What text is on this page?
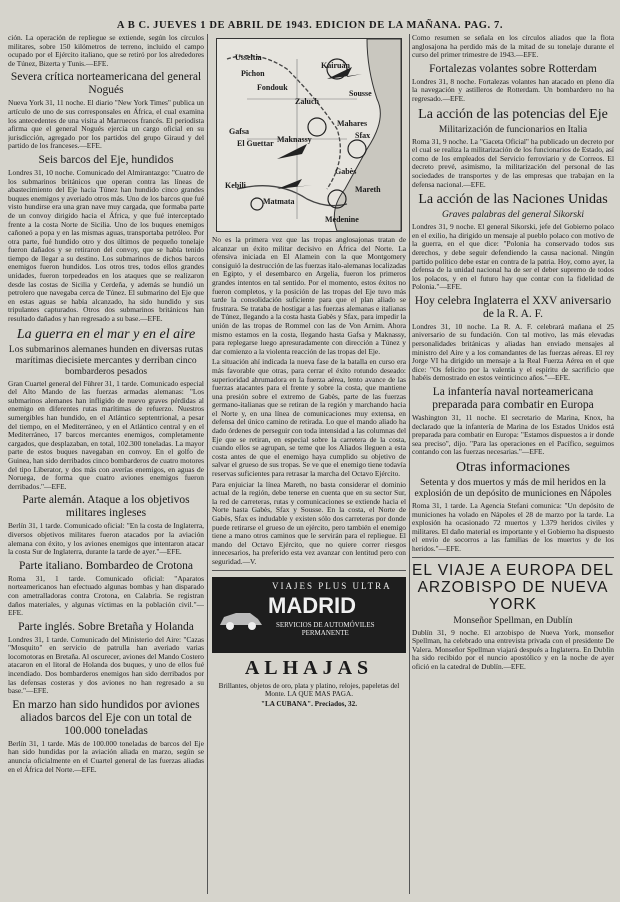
A B C. JUEVES 1 DE ABRIL DE 1943. EDICION DE LA MAÑANA. PAG. 7.

ción. La operación de repliegue se extiende, según los círculos militares, sobre 150 kilómetros de terreno, incluido el campo ocupado por el Ejército italiano, que se retiró por los alrededores de Túnez, Bizerta y Tunis.—EFE.

Severa crítica norteamericana del general Nogués

Nueva York 31, 11 noche. El diario "New York Times" publica un artículo de uno de sus corresponsales en África, el cual examina los antecedentes de una visita al Marruecos francés. El periodista afirma que el general Nogués ejercía un cargo oficial en su jurisdicción, agregado por los partidos del grupo Giraud y del partido de los franceses.—EFE.

Seis barcos del Eje, hundidos

Londres 31, 10 noche. Comunicado del Almirantazgo: "Cuatro de los submarinos británicos que operan contra las líneas de abastecimiento del Eje hacia Túnez han hundido cinco grandes buques enemigos y averiado otros más. Uno de los barcos que fué visto hundirse era una gran nave muy cargada, que formaba parte de un convoy dirigido hacia el África, y que fué interceptado frente a la costa Norte de Sicilia. Uno de los buques enemigos cañoneó a popa y en las mismas aguas, transportaba petróleo. Por otra parte, fué hundido otro y dos últimos de pequeño tonelaje fueron dañados y se retiraron del convoy, que se había tenido tiempo de llegar a su destino. Los submarinos de dichos barcos enemigos fueron hundidos. Los otros tres, todos ellos grandes unidades, fueron torpedeados en los ataques que se realizaron desde las costas de Sicilia y Cerdeña, y además se hundió un petrolero que navegaba cerca de Túnez. El submarino del Eje que en estas aguas se había alcanzado, ha sido hundido y sus tripulantes capturados. Otros dos submarinos británicos han resultado dañados y han regresado a su base.—EFE.

La guerra en el mar y en el aire
Los submarinos alemanes hunden en diversas rutas marítimas diecisiete mercantes y derriban cinco bombarderos pesados

Gran Cuartel general del Führer 31, 1 tarde. Comunicado especial del Alto Mando de las fuerzas armadas alemanas: "Los submarinos alemanes han infligido de nuevo graves pérdidas al enemigo en diferentes rutas marítimas de refuerzo. Nuestros sumergibles han hundido, en el Atlántico septentrional, a pesar del tiempo, en el Mediterráneo, y en el Atlántico central y en el Mediterráneo, 17 barcos mercantes enemigos, completamente cargados, que desplazaban, en total, 102.300 toneladas. La mayor parte de estos buques navegaban en convoy. En el golfo de Guinea, han sido derribados cinco bombarderos de cuatro motores del tipo Liberator, y dos más con averías enemigos, en aguas de Noruega, de forma que cuatro aviones enemigos fueron derribados."—EFE.

Parte alemán. Ataque a los objetivos militares ingleses

Berlín 31, 1 tarde. Comunicado oficial: "En la costa de Inglaterra, diversos objetivos militares fueron atacados por la aviación alemana con éxito, y los aviones enemigos que intentaron atacar la costa Sur de Inglaterra, durante la tarde de ayer."—EFE.

Parte italiano. Bombardeo de Crotona

Roma 31, 1 tarde. Comunicado oficial: "Aparatos norteamericanos han efectuado algunas bombas y han disparado con ametralladoras contra Crotona, en Calabria. Se registran daños materiales, y algunas víctimas en la población civil."—EFE.

Parte inglés. Sobre Bretaña y Holanda

Londres 31, 1 tarde. Comunicado del Ministerio del Aire: "Cazas "Mosquito" en servicio de patrulla han averiado varias locomotoras en Bretaña. Al oscurecer, aviones del Mando Costero atacaron en el litoral de Holanda dos buques, y uno de ellos fué incendiado. Dos bombarderos enemigos han sido derribados por las defensas costeras y dos aviones no han regresado a su base."—EFE.

En marzo han sido hundidos por aviones aliados barcos del Eje con un total de 100.000 toneladas

Berlín 31, 1 tarde. Más de 100.000 toneladas de barcos del Eje han sido hundidas por la aviación aliada en marzo, según se anuncia oficialmente en el Cuartel general de las fuerzas aliadas en el África del Norte.—EFE.

Usseltia
Pichon
Kairuán
Fondouk
Zaluch
Sousse
Mahares
Gafsa
El Guettar
Sfax
Maknassy
Gabès
Kebili
Matmata
Medenine
Mareth

No es la primera vez que las tropas anglosajonas tratan de alcanzar un éxito militar decisivo en África del Norte. La ofensiva iniciada en El Alamein con la que Montgomery consiguió la destrucción de las fuerzas italo-alemanas localizadas en Egipto, y el desembarco en Argelia, fueron los primeros grandes intentos en tal sentido. Por el momento, estos éxitos no fueron completos, y la posición de las tropas del Eje tuvo más tarde la consolidación suficiente para que el plan aliado se frustrara. Se trataba de hostigar a las fuerzas alemanas e italianas de Túnez, llegando a la costa hasta Gabès y Sfax, para impedir la unión de las tropas de Rommel con las de Von Arnim. Ahora mismo estamos en la costa, llegando hasta Gafsa y Maknassy, para replegarse luego apresuradamente con dirección a Túnez y dar comienzo a la violenta reacción de las tropas del Eje.

La situación ahí indicada la nueva fase de la batalla en curso era más favorable que otras, para cerrar el éxito rotundo deseado: superioridad abrumadora en la fuerza aérea, lento avance de las fuerzas atacantes para el frente y sobre la costa, que mantiene una presión sobre el extremo de Gabès, parte de las fuerzas germano-italianas que se retiran de la región y marchando hacia el Norte y, en una línea de comunicaciones muy extensa, en defensa del único camino de retirada. Lo que el mando aliado ha dado órdenes de perseguir con toda intensidad a las columnas del Eje que se retiran, en especial sobre la carretera de la costa, cuando ellos se agrupan, se teme que los Aliados lleguen a esta costa antes de que el enemigo haya cumplido su objetivo de salvar el grueso de sus tropas. Se ve que el enemigo tiene todavía reservas suficientes para retrasar la marcha del Octavo Ejército.

Para enjuiciar la línea Mareth, no basta considerar el dominio actual de la región, debe tenerse en cuenta que en su sector Sur, la red de carreteras, rutas y comunicaciones se extiende hacia el Norte hasta Gabès, Sfax y Sousse. En la costa, el Norte de Gabès, Sfax es indudable y existen sólo dos carreteras por donde puede retirarse el grueso de un ejército, pero también el enemigo tiene a mano otros caminos que le servirán para el repliegue. El mando del Octavo Ejército, que no quiere correr riesgos innecesarios, ha preferido esta vez avanzar con lentitud pero con seguridad.—V.

VIAJES PLUS ULTRA
MADRID
SERVICIOS DE AUTOMÓVILES
PERMANENTE
ALHAJAS
Brillantes, objetos de oro, plata y platino, relojes, papeletas del Monte. LA QUE MAS PAGA.
"LA CUBANA". Preciados, 32.

Como resumen se señala en los círculos aliados que la flota anglosajona ha perdido más de la mitad de su tonelaje durante el curso del primer trimestre de 1943.—EFE.

Fortalezas volantes sobre Rotterdam

Londres 31, 8 noche. Fortalezas volantes han atacado en pleno día la navegación y astilleros de Rotterdam. Un bombardero no ha regresado.—EFE.

La acción de las potencias del Eje
Militarización de funcionarios en Italia

Roma 31, 9 noche. La "Gaceta Oficial" ha publicado un decreto por el cual se realiza la militarización de los funcionarios de Estado, así como de los empleados del Servicio ferroviario y de Correos. El decreto prevé, asimismo, la militarización del personal de las sociedades de transportes y de las empresas que trabajan en la defensa nacional.—EFE.

La acción de las Naciones Unidas
Graves palabras del general Sikorski

Londres 31, 9 noche. El general Sikorski, jefe del Gobierno polaco en el exilio, ha dirigido un mensaje al pueblo polaco con motivo de la guerra, en el que dice: "Polonia ha conservado todos sus derechos, y debe seguir defendiendo la causa nacional. Ningún partido político debe estar en contra de la patria. Hoy, como ayer, la defensa de la unidad nacional ha de ser el deber supremo de todos los polacos, y en el futuro hay que contar con la fidelidad de Polonia."—EFE.

Hoy celebra Inglaterra el XXV aniversario de la R. A. F.

Londres 31, 10 noche. La R. A. F. celebrará mañana el 25 aniversario de su fundación. Con tal motivo, las más elevadas personalidades británicas y aliadas han enviado mensajes al ministro del Aire y a los comandantes de las fuerzas aéreas. El rey Jorge VI ha dirigido un mensaje a la Real Fuerza Aérea en el que dice: "Os felicito por la valentía y el espíritu de sacrificio que habéis demostrado en estos veinticinco años."—EFE.

La infantería naval norteamericana preparada para combatir en Europa

Washington 31, 11 noche. El secretario de Marina, Knox, ha declarado que la infantería de Marina de los Estados Unidos está preparada para combatir en Europa: "Estamos dispuestos a ir donde sea preciso", dijo. "Para las operaciones en el Pacífico, seguimos contando con las fuerzas necesarias."—EFE.

Otras informaciones
Setenta y dos muertos y más de mil heridos en la explosión de un depósito de municiones en Nápoles

Roma 31, 1 tarde. La Agencia Stefani comunica: "Un depósito de municiones ha volado en Nápoles el 28 de marzo por la tarde. La explosión ha ocasionado 72 muertos y 1.379 heridos civiles y militares. El daño material es importante y el Gobierno ha dispuesto el envío de socorros a las familias de los muertos y de los heridos."—EFE.

EL VIAJE A EUROPA DEL ARZOBISPO DE NUEVA YORK
Monseñor Spellman, en Dublín

Dublín 31, 9 noche. El arzobispo de Nueva York, monseñor Spellman, ha celebrado una entrevista privada con el presidente De Valera. Monseñor Spellman viajará después a Inglaterra. En Dublín ha sido recibido por el nuncio apostólico y en la noche de ayer ofició en la catedral de Dublín.—EFE.
